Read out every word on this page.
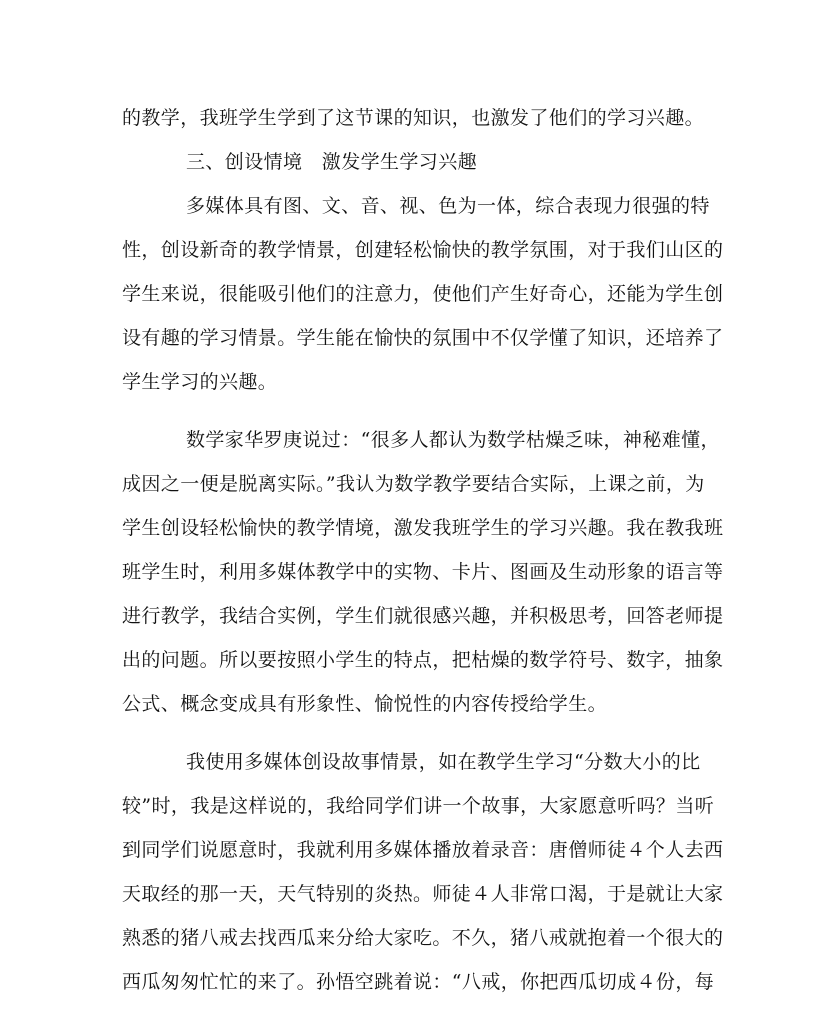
的教学，我班学生学到了这节课的知识，也激发了他们的学习兴趣。
三、创设情境　激发学生学习兴趣
多媒体具有图、文、音、视、色为一体，综合表现力很强的特
性，创设新奇的教学情景，创建轻松愉快的教学氛围，对于我们山区的
学生来说，很能吸引他们的注意力，使他们产生好奇心，还能为学生创
设有趣的学习情景。学生能在愉快的氛围中不仅学懂了知识，还培养了
学生学习的兴趣。
数学家华罗庚说过：“很多人都认为数学枯燥乏味，神秘难懂，
成因之一便是脱离实际。”我认为数学教学要结合实际，上课之前，为
学生创设轻松愉快的教学情境，激发我班学生的学习兴趣。我在教我班
班学生时，利用多媒体教学中的实物、卡片、图画及生动形象的语言等
进行教学，我结合实例，学生们就很感兴趣，并积极思考，回答老师提
出的问题。所以要按照小学生的特点，把枯燥的数学符号、数字，抽象
公式、概念变成具有形象性、愉悦性的内容传授给学生。
我使用多媒体创设故事情景，如在教学生学习“分数大小的比
较”时，我是这样说的，我给同学们讲一个故事，大家愿意听吗？当听
到同学们说愿意时，我就利用多媒体播放着录音：唐僧师徒４个人去西
天取经的那一天，天气特别的炎热。师徒４人非常口渴，于是就让大家
熟悉的猪八戒去找西瓜来分给大家吃。不久，猪八戒就抱着一个很大的
西瓜匆匆忙忙的来了。孙悟空跳着说：“八戒，你把西瓜切成４份，每
